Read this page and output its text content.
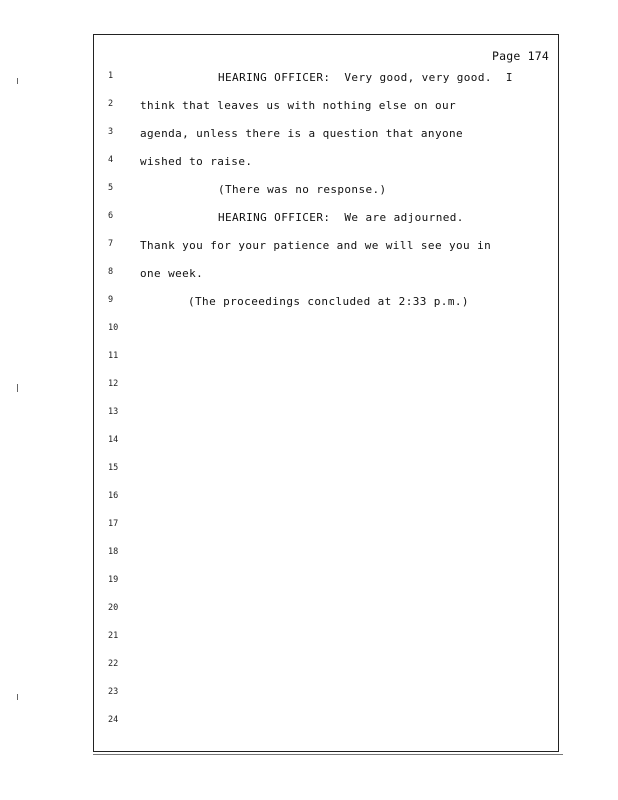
Page 174
1
2
3
4
5
6
7
8
9
10
11
12
13
14
15
16
17
18
19
20
21
22
23
24
HEARING OFFICER:  Very good, very good.  I
think that leaves us with nothing else on our
agenda, unless there is a question that anyone
wished to raise.
(There was no response.)
HEARING OFFICER:  We are adjourned.
Thank you for your patience and we will see you in
one week.
(The proceedings concluded at 2:33 p.m.)
